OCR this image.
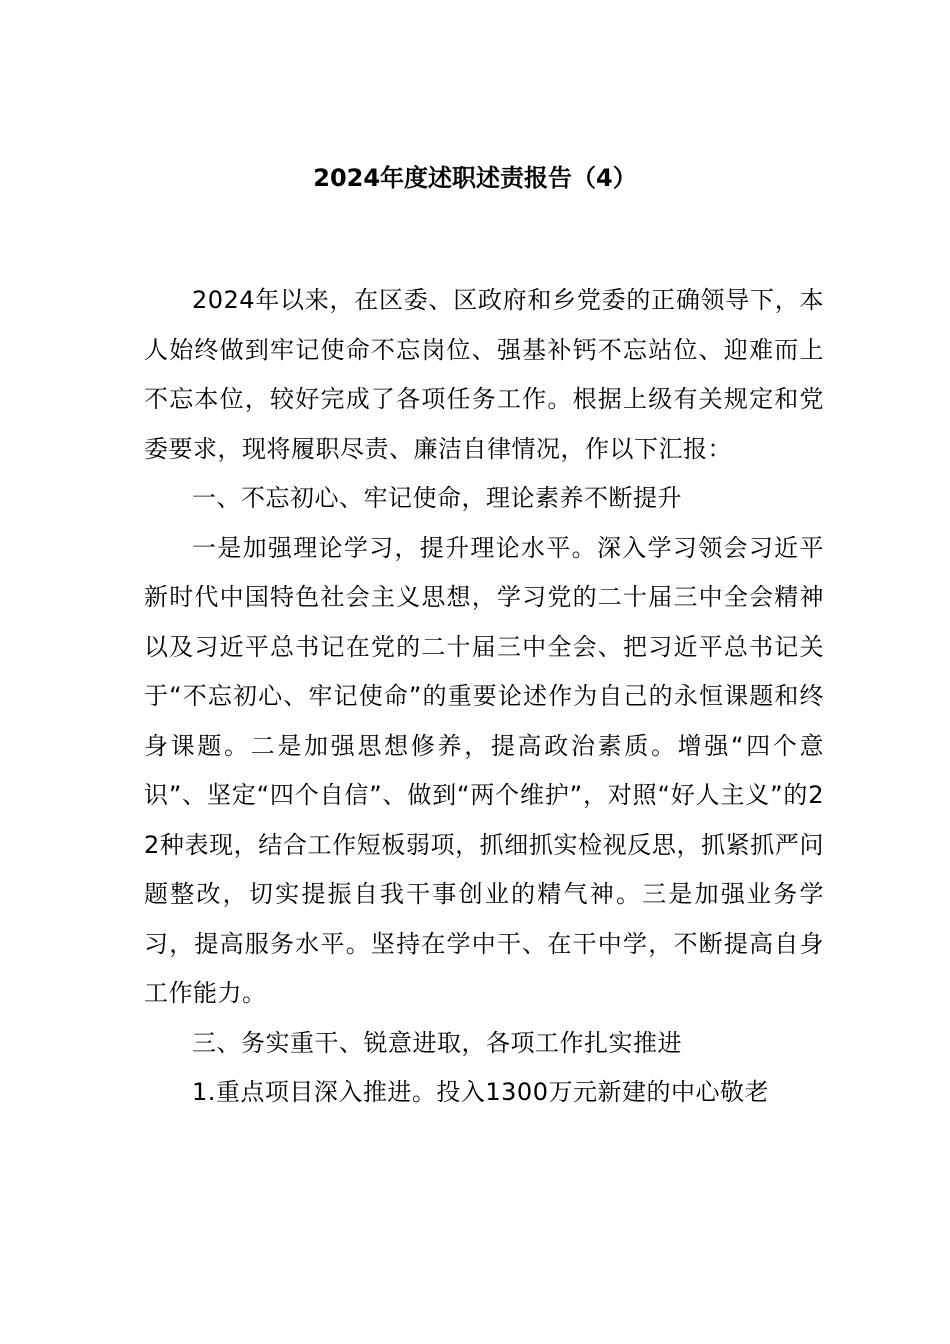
2024年度述职述责报告（4）

2024年以来，在区委、区政府和乡党委的正确领导下，本人始终做到牢记使命不忘岗位、强基补钙不忘站位、迎难而上不忘本位，较好完成了各项任务工作。根据上级有关规定和党委要求，现将履职尽责、廉洁自律情况，作以下汇报：

一、不忘初心、牢记使命，理论素养不断提升

一是加强理论学习，提升理论水平。深入学习领会习近平新时代中国特色社会主义思想，学习党的二十届三中全会精神以及习近平总书记在党的二十届三中全会、把习近平总书记关于“不忘初心、牢记使命”的重要论述作为自己的永恒课题和终身课题。二是加强思想修养，提高政治素质。增强“四个意识”、坚定“四个自信”、做到“两个维护”，对照“好人主义”的22种表现，结合工作短板弱项，抓细抓实检视反思，抓紧抓严问题整改，切实提振自我干事创业的精气神。三是加强业务学习，提高服务水平。坚持在学中干、在干中学，不断提高自身工作能力。

三、务实重干、锐意进取，各项工作扎实推进

1.重点项目深入推进。投入1300万元新建的中心敬老
